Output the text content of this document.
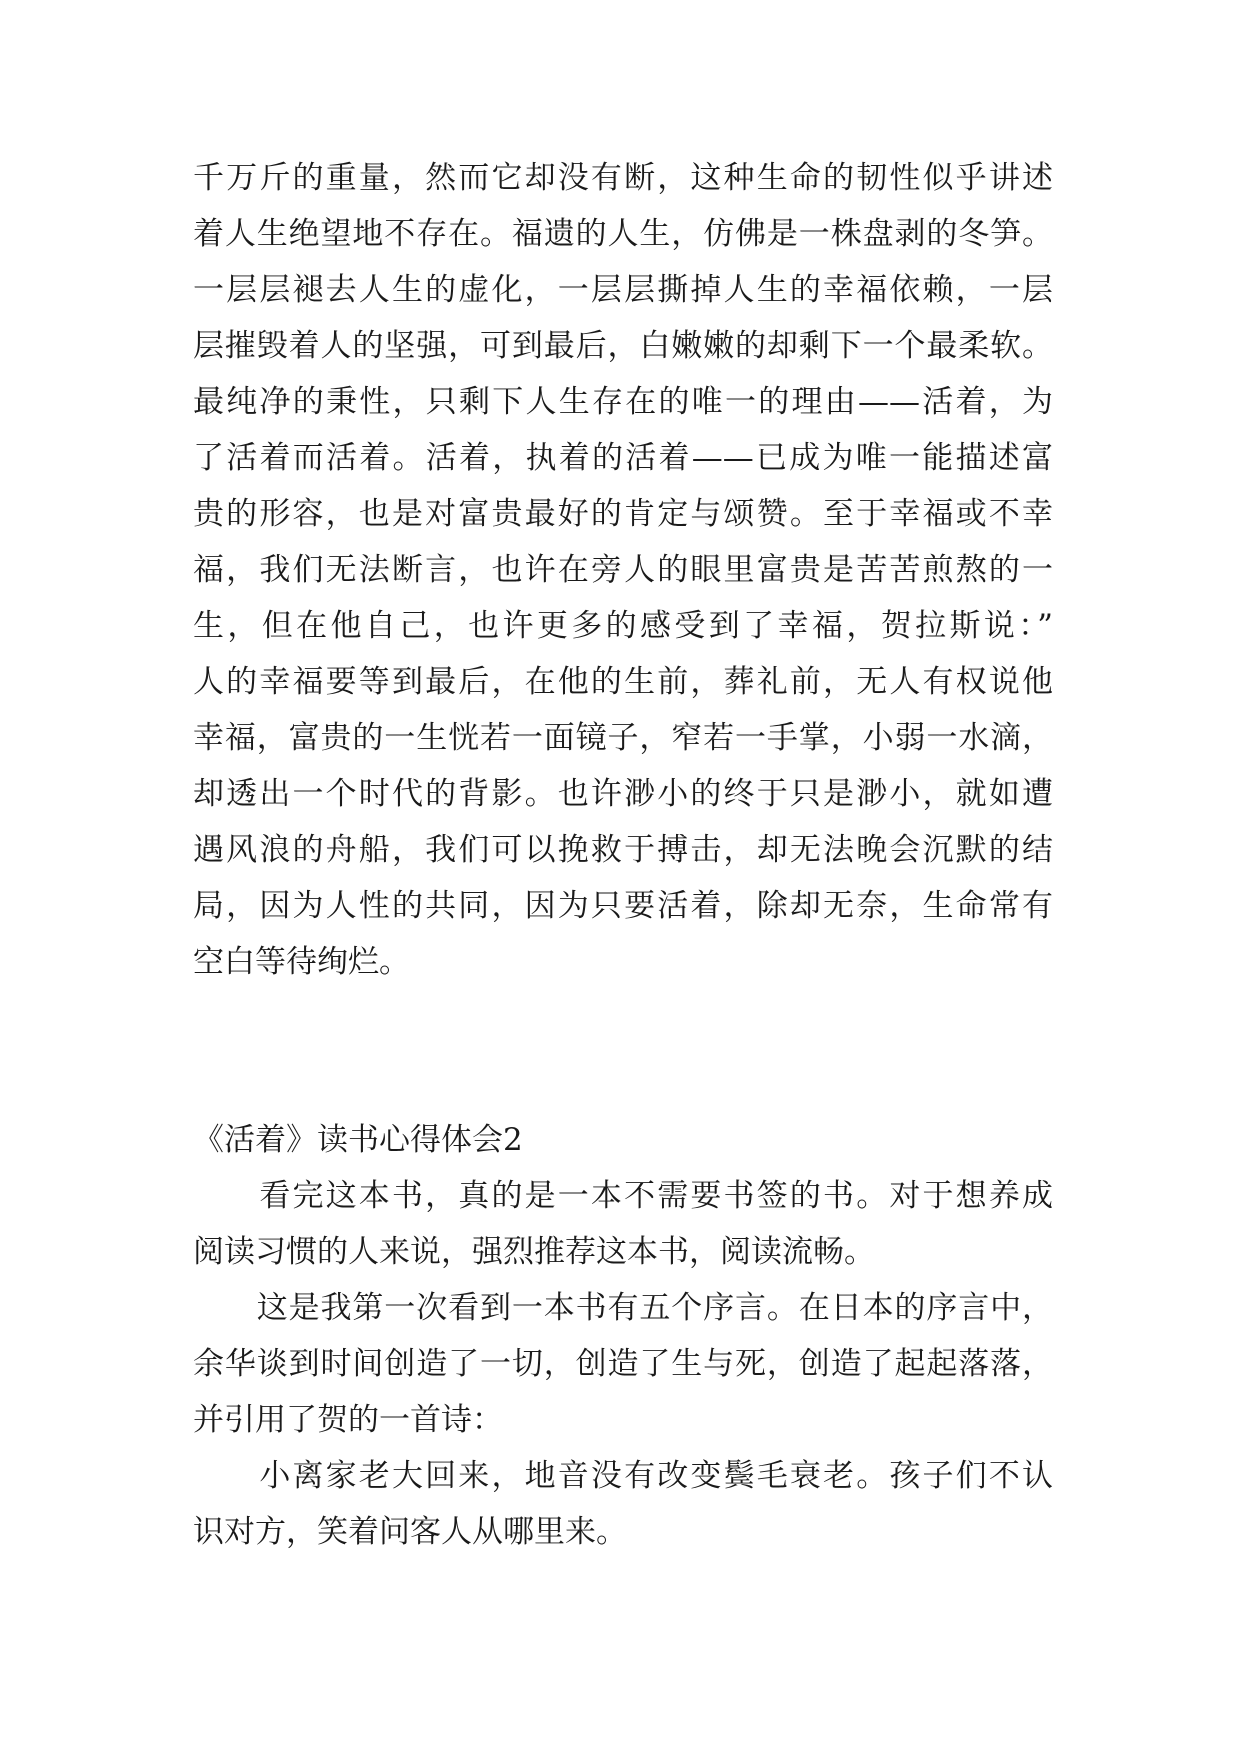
千万斤的重量，然而它却没有断，这种生命的韧性似乎讲述
着人生绝望地不存在。福遗的人生，仿佛是一株盘剥的冬笋。
一层层褪去人生的虚化，一层层撕掉人生的幸福依赖，一层
层摧毁着人的坚强，可到最后，白嫩嫩的却剩下一个最柔软。
最纯净的秉性，只剩下人生存在的唯一的理由——活着，为
了活着而活着。活着，执着的活着——已成为唯一能描述富
贵的形容，也是对富贵最好的肯定与颂赞。至于幸福或不幸
福，我们无法断言，也许在旁人的眼里富贵是苦苦煎熬的一
生，但在他自己，也许更多的感受到了幸福，贺拉斯说：”
人的幸福要等到最后，在他的生前，葬礼前，无人有权说他
幸福，富贵的一生恍若一面镜子，窄若一手掌，小弱一水滴，
却透出一个时代的背影。也许渺小的终于只是渺小，就如遭
遇风浪的舟船，我们可以挽救于搏击，却无法晚会沉默的结
局，因为人性的共同，因为只要活着，除却无奈，生命常有
空白等待绚烂。
《活着》读书心得体会2
　　看完这本书，真的是一本不需要书签的书。对于想养成
阅读习惯的人来说，强烈推荐这本书，阅读流畅。
　　这是我第一次看到一本书有五个序言。在日本的序言中，
余华谈到时间创造了一切，创造了生与死，创造了起起落落，
并引用了贺的一首诗：
　　小离家老大回来，地音没有改变鬓毛衰老。孩子们不认
识对方，笑着问客人从哪里来。
